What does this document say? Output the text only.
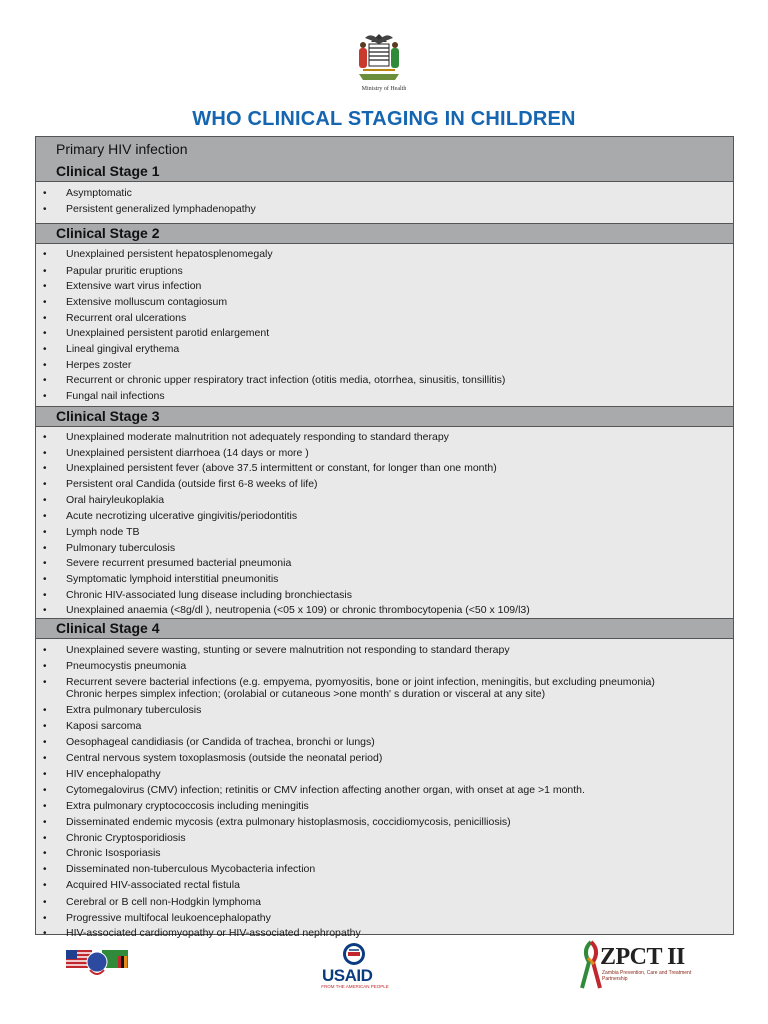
Ministry of Health
WHO CLINICAL STAGING IN CHILDREN
Primary HIV infection
Clinical Stage 1
• Asymptomatic
• Persistent generalized lymphadenopathy
Clinical Stage 2
• Unexplained persistent hepatosplenomegaly
• Papular pruritic eruptions
• Extensive wart virus infection
• Extensive molluscum contagiosum
• Recurrent oral ulcerations
• Unexplained persistent parotid enlargement
• Lineal gingival erythema
• Herpes zoster
• Recurrent or chronic upper respiratory tract infection (otitis media, otorrhea, sinusitis, tonsillitis)
• Fungal nail infections
Clinical Stage 3
• Unexplained moderate malnutrition not adequately responding to standard therapy
• Unexplained persistent diarrhoea (14 days or more )
• Unexplained persistent fever (above 37.5 intermittent or constant, for longer than one month)
• Persistent oral Candida (outside first 6-8 weeks of life)
• Oral hairyleukoplakia
• Acute necrotizing ulcerative gingivitis/periodontitis
• Lymph node TB
• Pulmonary tuberculosis
• Severe recurrent presumed bacterial pneumonia
• Symptomatic lymphoid interstitial pneumonitis
• Chronic HIV-associated lung disease including bronchiectasis
• Unexplained anaemia (<8g/dl ), neutropenia (<05 x 109) or chronic thrombocytopenia (<50 x 109/l3)
Clinical Stage 4
• Unexplained severe wasting, stunting or severe malnutrition not responding to standard therapy
• Pneumocystis pneumonia
• Recurrent severe bacterial infections (e.g. empyema, pyomyositis, bone or joint infection, meningitis, but excluding pneumonia)
Chronic herpes simplex infection; (orolabial or cutaneous >one month' s duration or visceral at any site)
• Extra pulmonary tuberculosis
• Kaposi sarcoma
• Oesophageal candidiasis (or Candida of trachea, bronchi or lungs)
• Central nervous system toxoplasmosis (outside the neonatal period)
• HIV encephalopathy
• Cytomegalovirus (CMV) infection; retinitis or CMV infection affecting another organ, with onset at age >1 month.
• Extra pulmonary cryptococcosis including meningitis
• Disseminated endemic mycosis (extra pulmonary histoplasmosis, coccidiomycosis, penicilliosis)
• Chronic Cryptosporidiosis
• Chronic Isosporiasis
• Disseminated non-tuberculous Mycobacteria infection
• Acquired HIV-associated rectal fistula
• Cerebral or B cell non-Hodgkin lymphoma
• Progressive multifocal leukoencephalopathy
• HIV-associated cardiomyopathy or HIV-associated nephropathy
USAID
FROM THE AMERICAN PEOPLE
ZPCT II
Zambia Prevention, Care and Treatment Partnership
